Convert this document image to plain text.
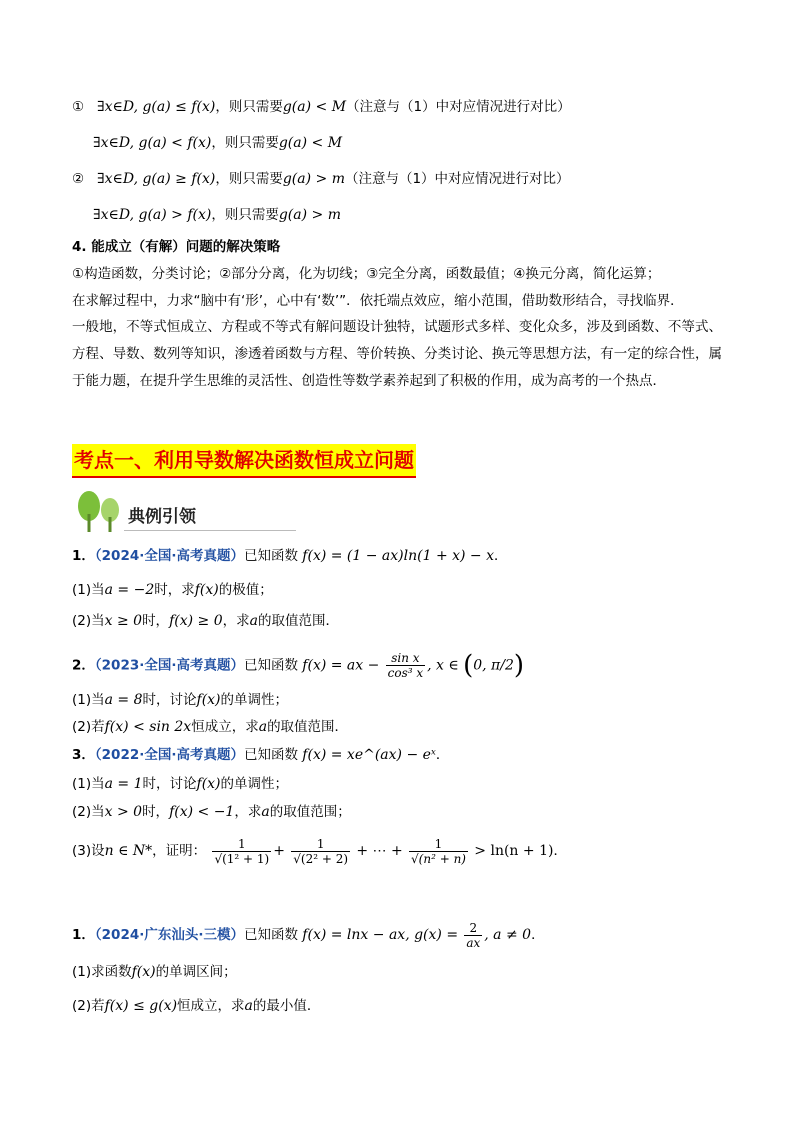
① ∃x∈D, g(a) ≤ f(x)，则只需要g(a) < M（注意与（1）中对应情况进行对比）
∃x∈D, g(a) < f(x)，则只需要g(a) < M
② ∃x∈D, g(a) ≥ f(x)，则只需要g(a) > m（注意与（1）中对应情况进行对比）
∃x∈D, g(a) > f(x)，则只需要g(a) > m
4. 能成立（有解）问题的解决策略
①构造函数，分类讨论；②部分分离，化为切线；③完全分离，函数最值；④换元分离，简化运算；
在求解过程中，力求“脑中有‘形’，心中有‘数’”．依托端点效应，缩小范围，借助数形结合，寻找临界．
一般地，不等式恒成立、方程或不等式有解问题设计独特，试题形式多样、变化众多，涉及到函数、不等式、方程、导数、数列等知识，渗透着函数与方程、等价转换、分类讨论、换元等思想方法，有一定的综合性，属于能力题，在提升学生思维的灵活性、创造性等数学素养起到了积极的作用，成为高考的一个热点．
考点一、利用导数解决函数恒成立问题
典例引领
1．（2024·全国·高考真题）已知函数 f(x) = (1 − ax)ln(1 + x) − x．
(1)当a = −2时，求f(x)的极值；
(2)当x ≥ 0时，f(x) ≥ 0，求a的取值范围．
2．（2023·全国·高考真题）已知函数 f(x) = ax − $\frac{\text{sin x}}{\text{cos³ x}}$ , x ∈ (0, π/2)
(1)当a = 8时，讨论f(x)的单调性；
(2)若f(x) < sin 2x恒成立，求a的取值范围．
3．（2022·全国·高考真题）已知函数 f(x) = xe^(ax) − eˣ．
(1)当a = 1时，讨论f(x)的单调性；
(2)当x > 0时，f(x) < −1，求a的取值范围；
(3)设n ∈ N*，证明： $\frac{1}{\text{√(1² + 1)}} + \frac{1}{\text{√(2² + 2)}}$ + ⋯ + $\frac{1}{\text{√(n² + n)}} > \ln(n + 1)$．
1．（2024·广东汕头·三模）已知函数 f(x) = lnx − ax, $g(x) = \frac{2}{ax}$ , a ≠ 0．
(1)求函数f(x)的单调区间；
(2)若f(x) ≤ g(x)恒成立，求a的最小值．
